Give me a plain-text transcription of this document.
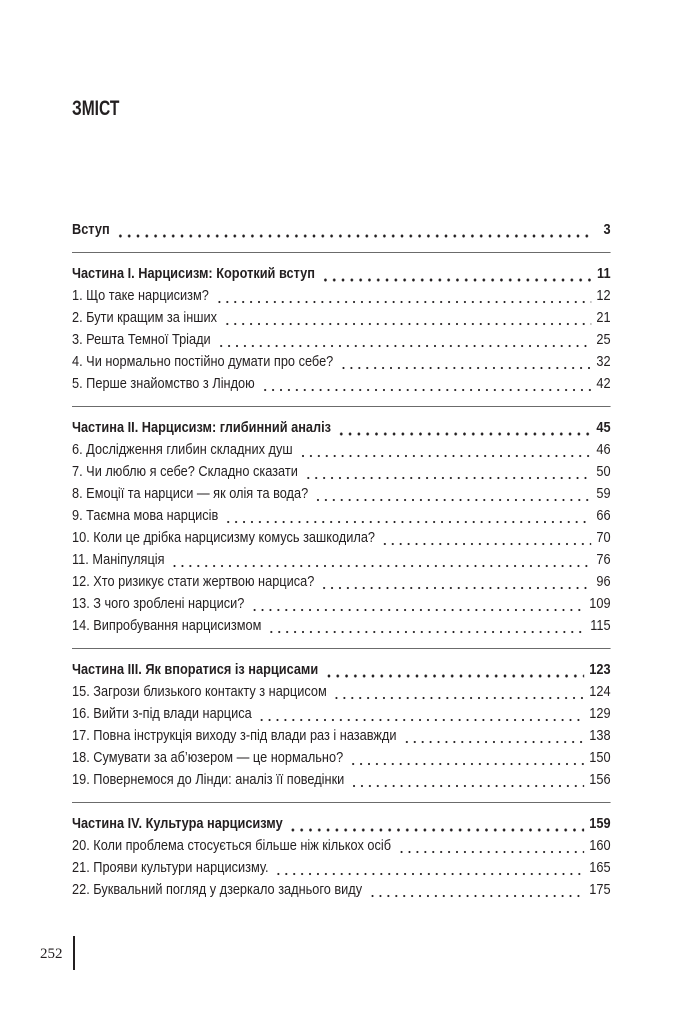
ЗМІСТ
Вступ	3
Частина I. Нарцисизм: Короткий вступ	11
1. Що таке нарцисизм?	12
2. Бути кращим за інших	21
3. Решта Темної Тріади	25
4. Чи нормально постійно думати про себе?	32
5. Перше знайомство з Ліндою	42
Частина II. Нарцисизм: глибинний аналіз	45
6. Дослідження глибин складних душ	46
7. Чи люблю я себе? Складно сказати	50
8. Емоції та нарциси — як олія та вода?	59
9. Таємна мова нарцисів	66
10. Коли це дрібка нарцисизму комусь зашкодила?	70
11. Маніпуляція	76
12. Хто ризикує стати жертвою нарциса?	96
13. З чого зроблені нарциси?	109
14. Випробування нарцисизмом	115
Частина III. Як впоратися із нарцисами	123
15. Загрози близького контакту з нарцисом	124
16. Вийти з-під влади нарциса	129
17. Повна інструкція виходу з-під влади раз і назавжди	138
18. Сумувати за аб’юзером — це нормально?	150
19. Повернемося до Лінди: аналіз її поведінки	156
Частина IV. Культура нарцисизму	159
20. Коли проблема стосується більше ніж кількох осіб	160
21. Прояви культури нарцисизму.	165
22. Буквальний погляд у дзеркало заднього виду	175
252
